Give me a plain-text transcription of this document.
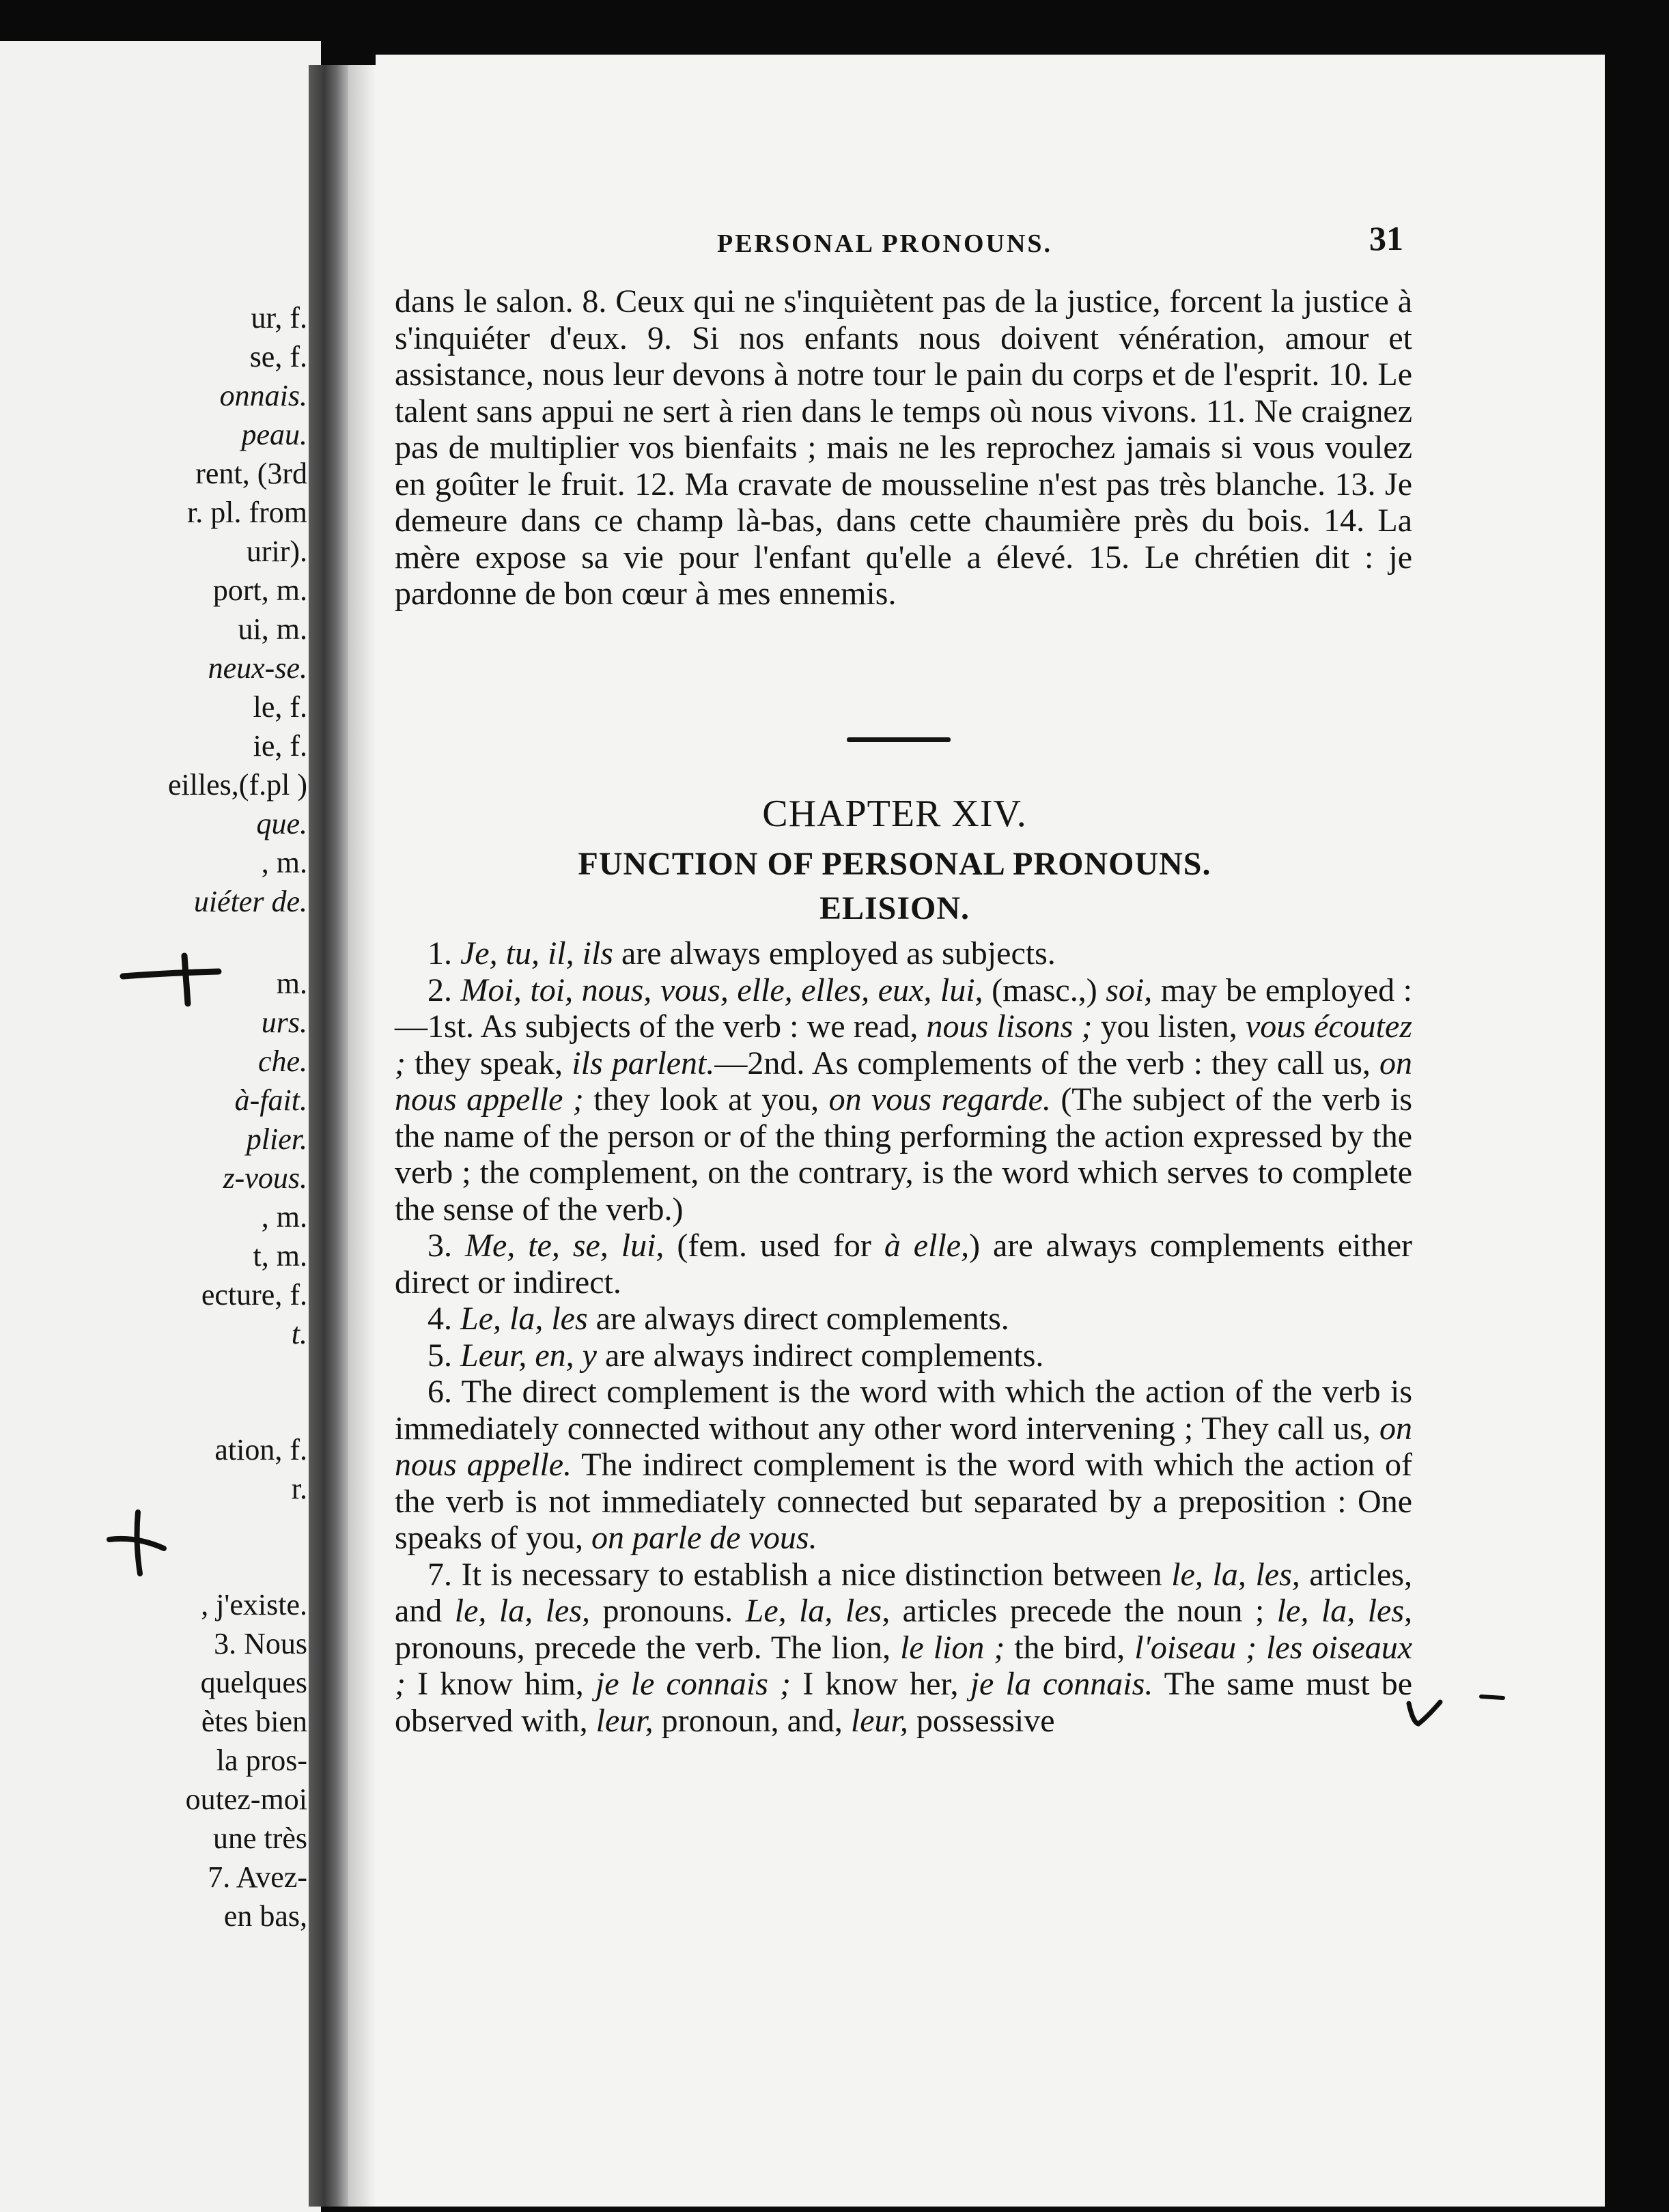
ur, f.
se, f.
onnais.
peau.
rent, (3rd
r. pl. from
urir).
port, m.
ui, m.
neux-se.
le, f.
ie, f.
eilles,(f.pl )
que.
, m.
uiéter de.
m.
urs.
che.
à-fait.
plier.
z-vous.
, m.
t, m.
ecture, f.
t.
ation, f.
r.
, j'existe.
3. Nous
quelques
ètes bien
la pros-
outez-moi
une très
7. Avez-
en bas,
PERSONAL PRONOUNS.	31

dans le salon. 8. Ceux qui ne s'inquiètent pas de la justice, forcent la justice à s'inquiéter d'eux. 9. Si nos enfants nous doivent vénération, amour et assistance, nous leur devons à notre tour le pain du corps et de l'esprit. 10. Le talent sans appui ne sert à rien dans le temps où nous vivons. 11. Ne craignez pas de multiplier vos bienfaits ; mais ne les reprochez jamais si vous voulez en goûter le fruit. 12. Ma cravate de mousseline n'est pas très blanche. 13. Je demeure dans ce champ là-bas, dans cette chaumière près du bois. 14. La mère expose sa vie pour l'enfant qu'elle a élevé. 15. Le chrétien dit : je pardonne de bon cœur à mes ennemis.

CHAPTER XIV.
FUNCTION OF PERSONAL PRONOUNS.
ELISION.

1. Je, tu, il, ils are always employed as subjects.

2. Moi, toi, nous, vous, elle, elles, eux, lui, (masc.,) soi, may be employed :—1st. As subjects of the verb : we read, nous lisons ; you listen, vous écoutez ; they speak, ils parlent.—2nd. As complements of the verb : they call us, on nous appelle ; they look at you, on vous regarde. (The subject of the verb is the name of the person or of the thing performing the action expressed by the verb ; the complement, on the contrary, is the word which serves to complete the sense of the verb.)

3. Me, te, se, lui, (fem. used for à elle,) are always complements either direct or indirect.

4. Le, la, les are always direct complements.

5. Leur, en, y are always indirect complements.

6. The direct complement is the word with which the action of the verb is immediately connected without any other word intervening ; They call us, on nous appelle. The indirect complement is the word with which the action of the verb is not immediately connected but separated by a preposition : One speaks of you, on parle de vous.

7. It is necessary to establish a nice distinction between le, la, les, articles, and le, la, les, pronouns. Le, la, les, articles precede the noun ; le, la, les, pronouns, precede the verb. The lion, le lion ; the bird, l'oiseau ; les oiseaux ; I know him, je le connais ; I know her, je la connais. The same must be observed with, leur, pronoun, and, leur, possessive
